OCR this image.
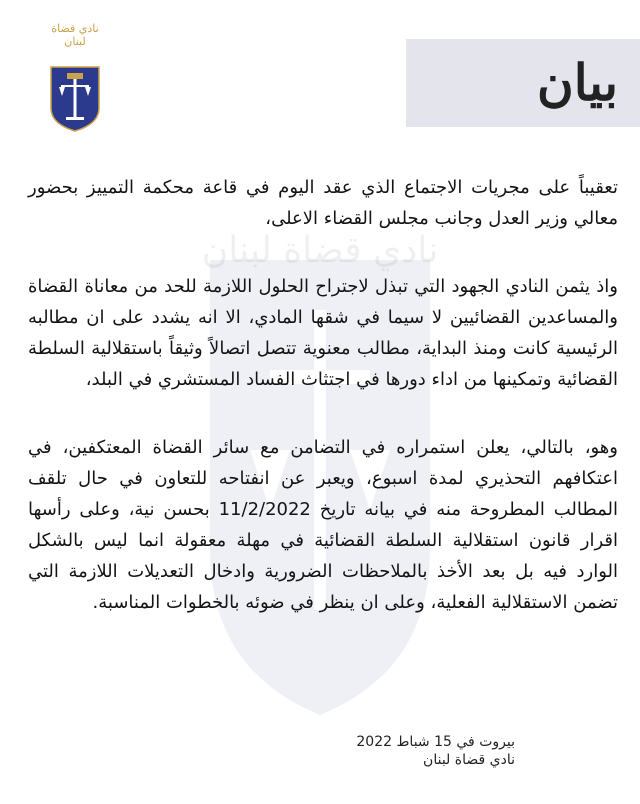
نادي قضاة لبنان
نادي قضاة لبنان
بيان

تعقيباً على مجريات الاجتماع الذي عقد اليوم في قاعة محكمة التمييز بحضور معالي وزير العدل وجانب مجلس القضاء الاعلى،

واذ يثمن النادي الجهود التي تبذل لاجتراح الحلول اللازمة للحد من معاناة القضاة والمساعدين القضائيين لا سيما في شقها المادي، الا انه يشدد على ان مطالبه الرئيسية كانت ومنذ البداية، مطالب معنوية تتصل اتصالاً وثيقاً باستقلالية السلطة القضائية وتمكينها من اداء دورها في اجتثاث الفساد المستشري في البلد،

وهو، بالتالي، يعلن استمراره في التضامن مع سائر القضاة المعتكفين، في اعتكافهم التحذيري لمدة اسبوع، ويعبر عن انفتاحه للتعاون في حال تلقف المطالب المطروحة منه في بيانه تاريخ 11/2/2022 بحسن نية، وعلى رأسها اقرار قانون استقلالية السلطة القضائية في مهلة معقولة انما ليس بالشكل الوارد فيه بل بعد الأخذ بالملاحظات الضرورية وادخال التعديلات اللازمة التي تضمن الاستقلالية الفعلية، وعلى ان ينظر في ضوئه بالخطوات المناسبة.

بيروت في 15 شباط 2022
نادي قضاة لبنان
